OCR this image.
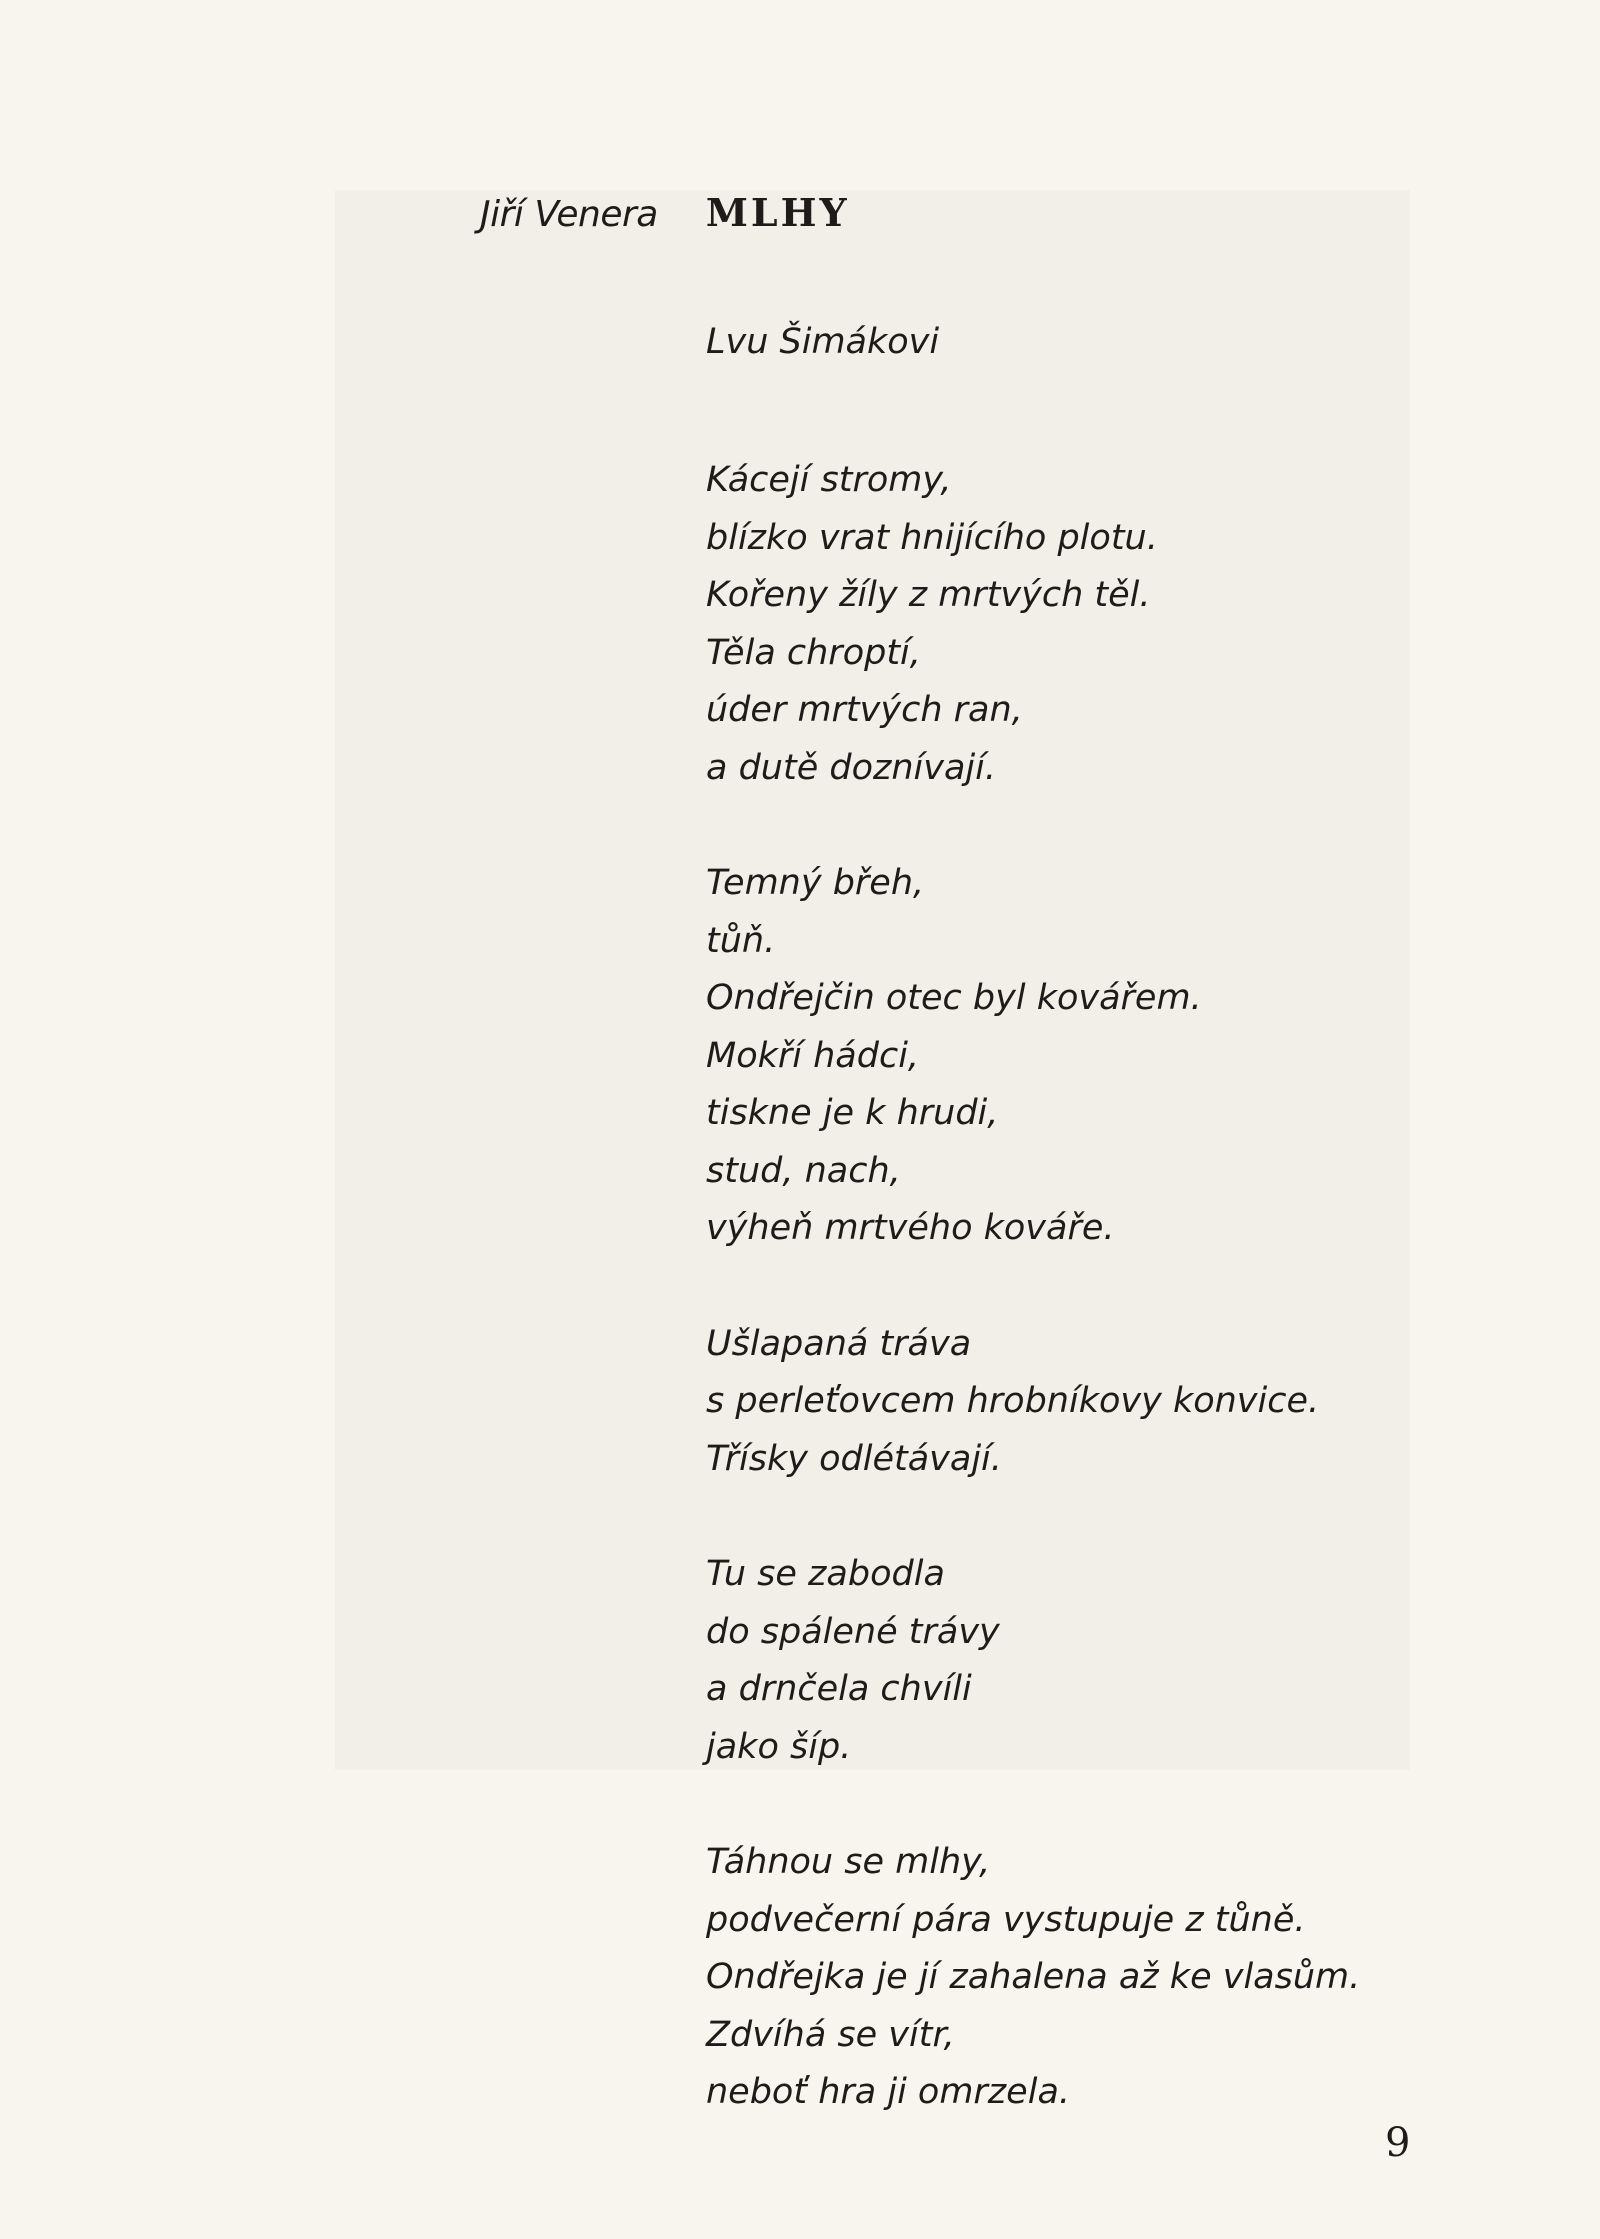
Jiří Venera MLHY
Lvu Šimákovi
Kácejí stromy,
blízko vrat hnijícího plotu.
Kořeny žíly z mrtvých těl.
Těla chroptí,
úder mrtvých ran,
a dutě doznívají.
Temný břeh,
tůň.
Ondřejčin otec byl kovářem.
Mokří hádci,
tiskne je k hrudi,
stud, nach,
výheň mrtvého kováře.
Ušlapaná tráva
s perleťovcem hrobníkovy konvice.
Třísky odlétávají.
Tu se zabodla
do spálené trávy
a drnčela chvíli
jako šíp.
Táhnou se mlhy,
podvečerní pára vystupuje z tůně.
Ondřejka je jí zahalena až ke vlasům.
Zdvíhá se vítr,
neboť hra ji omrzela.
9
